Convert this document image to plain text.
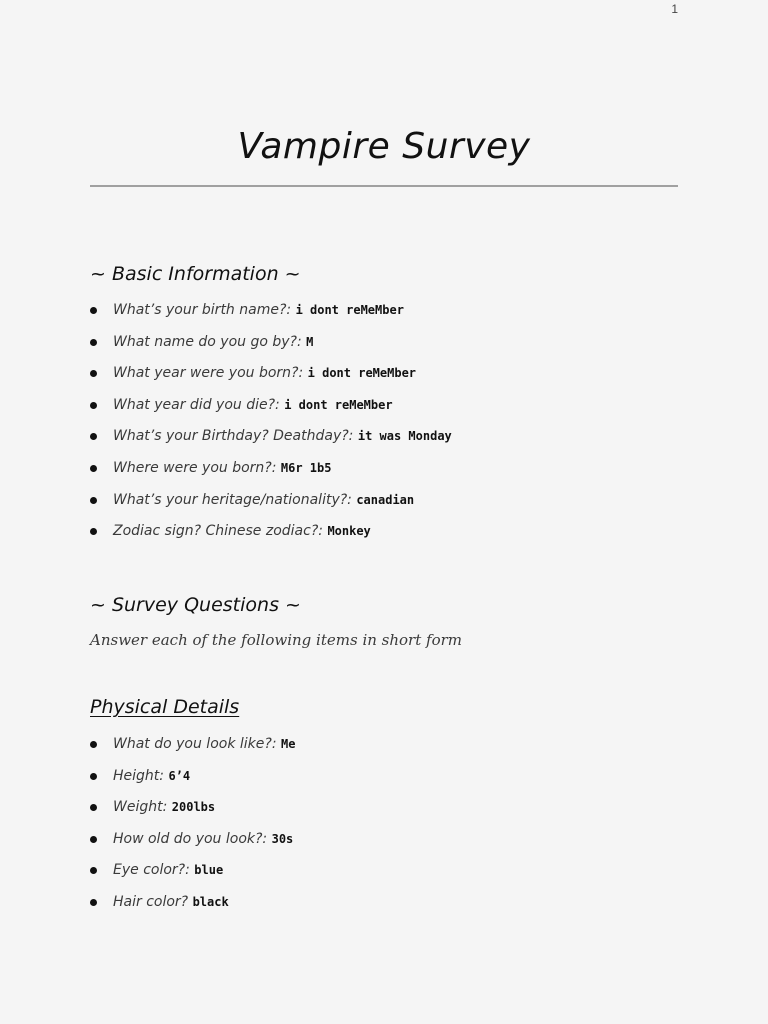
1
Vampire Survey
~ Basic Information ~
What’s your birth name?: i dont reMeMber
What name do you go by?: M
What year were you born?: i dont reMeMber
What year did you die?: i dont reMeMber
What’s your Birthday? Deathday?: it was Monday
Where were you born?: M6r 1b5
What’s your heritage/nationality?: canadian
Zodiac sign? Chinese zodiac?: Monkey
~ Survey Questions ~
Answer each of the following items in short form
Physical Details
What do you look like?: Me
Height: 6’4
Weight: 200lbs
How old do you look?: 30s
Eye color?: blue
Hair color? black
